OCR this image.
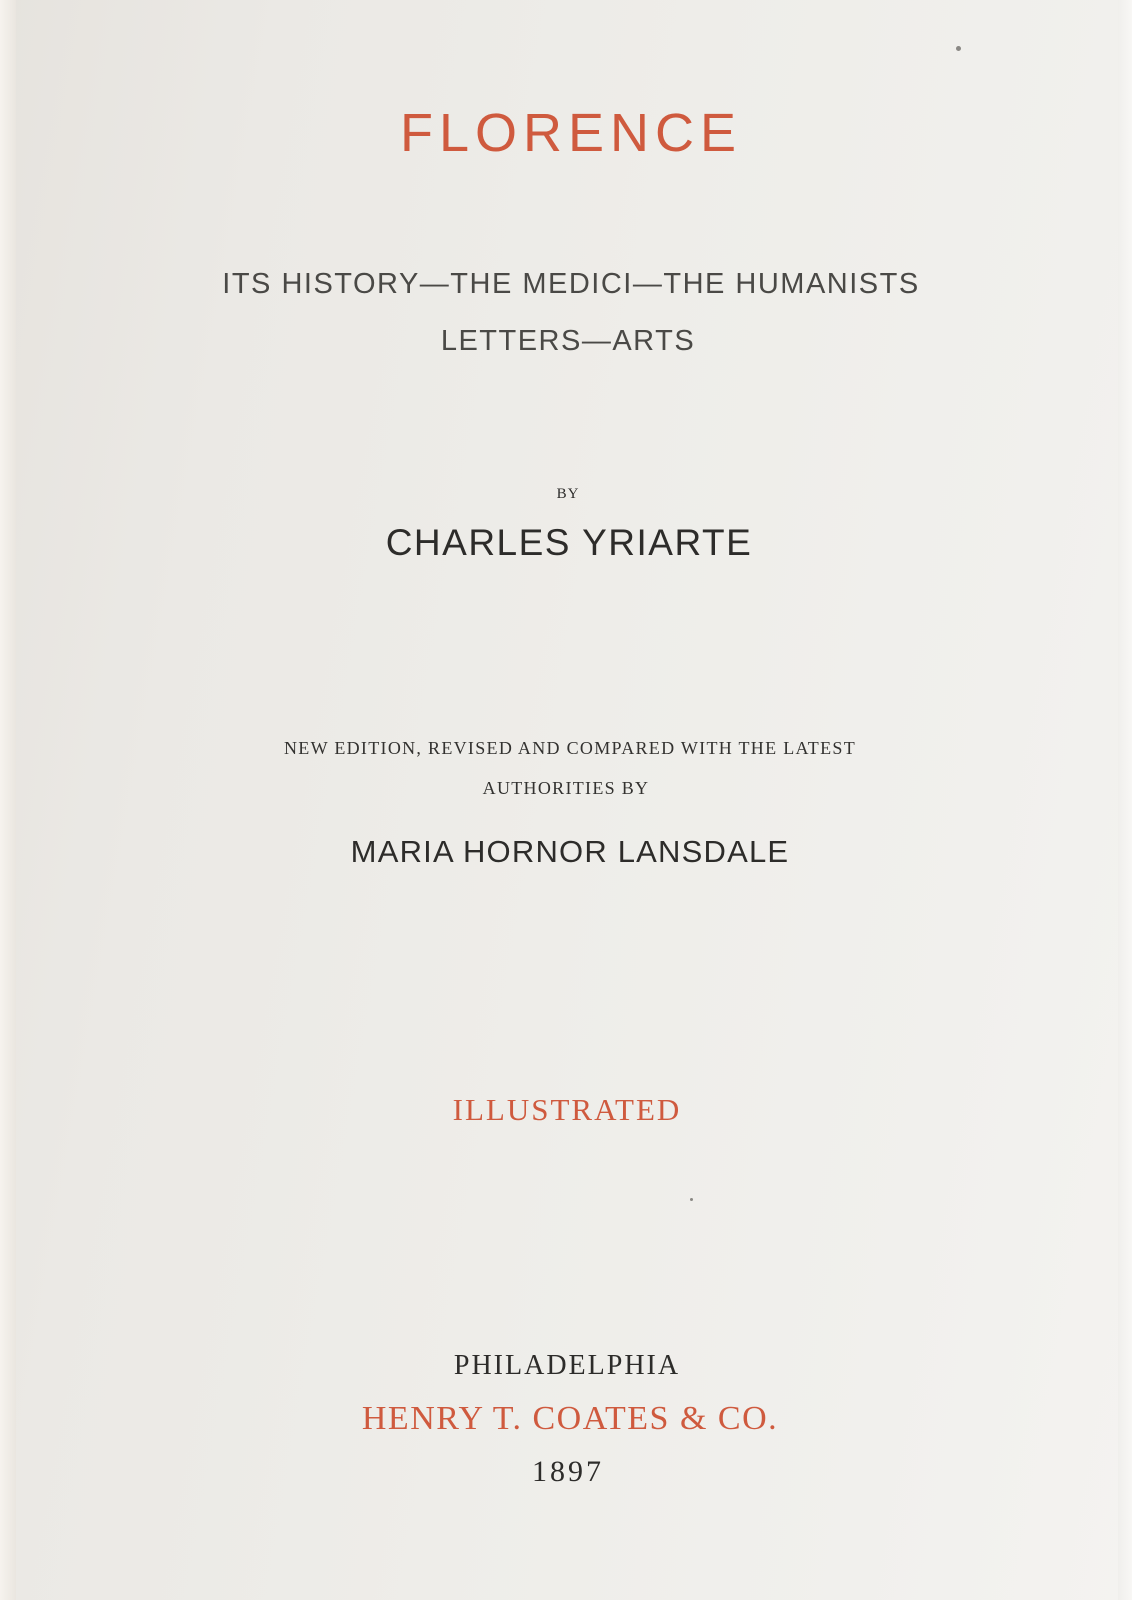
FLORENCE

ITS HISTORY—THE MEDICI—THE HUMANISTS

LETTERS—ARTS

BY

CHARLES YRIARTE

NEW EDITION, REVISED AND COMPARED WITH THE LATEST

AUTHORITIES BY

MARIA HORNOR LANSDALE

ILLUSTRATED

PHILADELPHIA

HENRY T. COATES & CO.

1897
